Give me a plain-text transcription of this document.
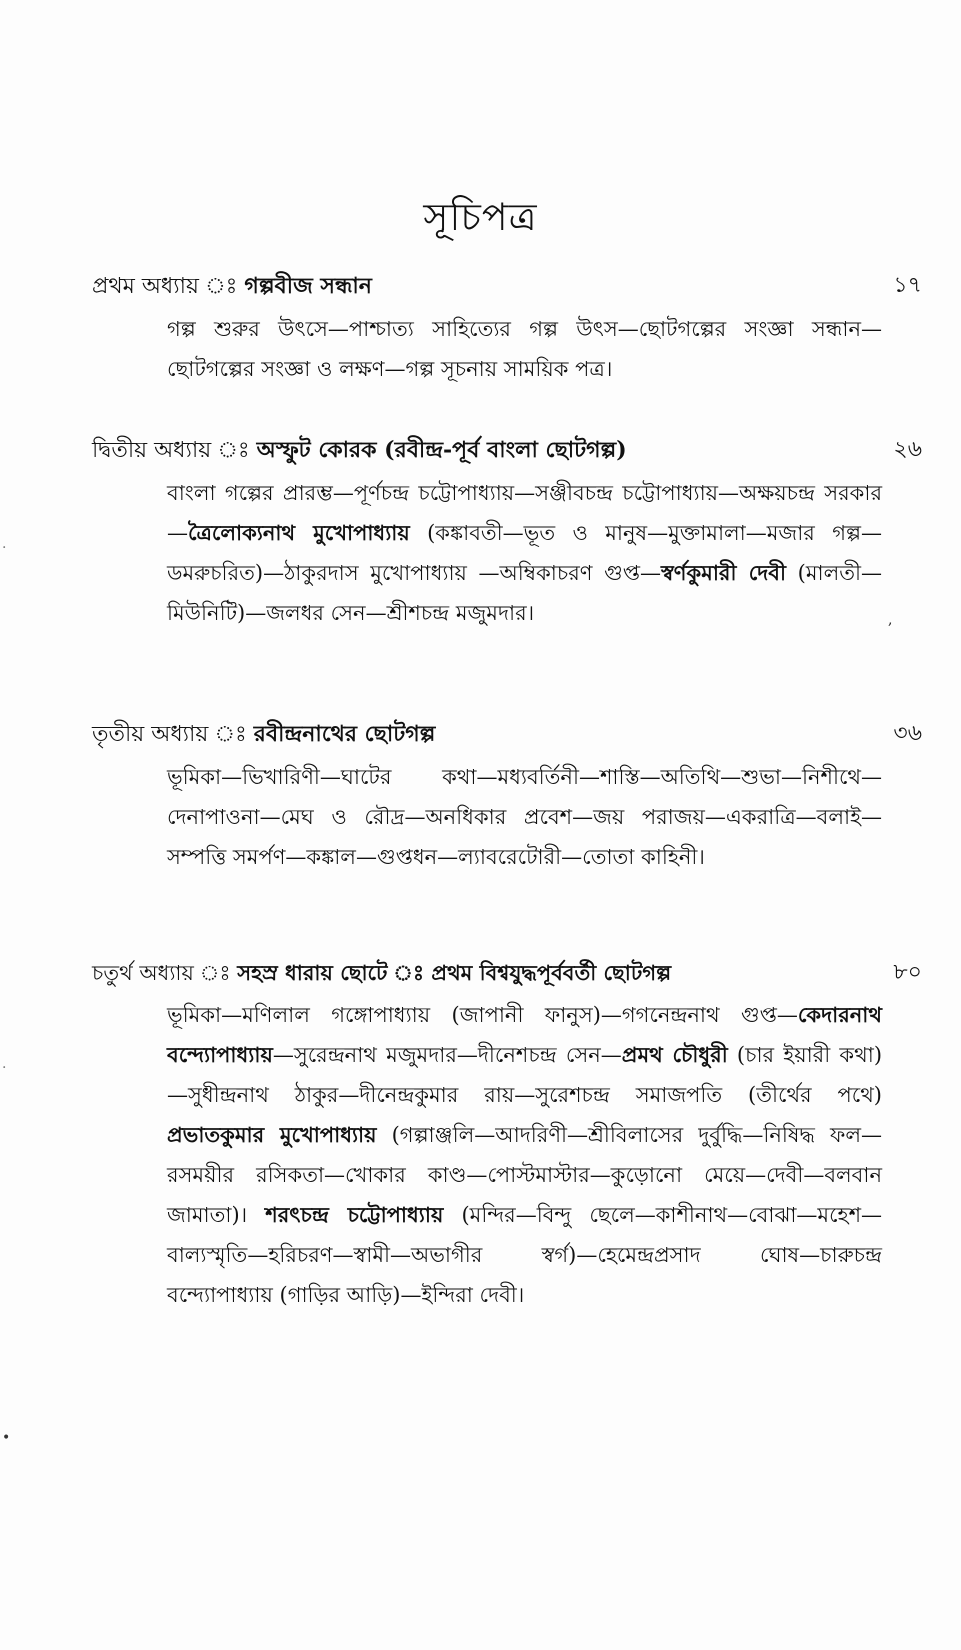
সূচিপত্র
প্রথম অধ্যায় ঃ গল্পবীজ সন্ধান	১৭
গল্প শুরুর উৎসে—পাশ্চাত্য সাহিত্যের গল্প উৎস—ছোটগল্পের সংজ্ঞা সন্ধান—ছোটগল্পের সংজ্ঞা ও লক্ষণ—গল্প সূচনায় সাময়িক পত্র।
দ্বিতীয় অধ্যায় ঃ অস্ফুট কোরক (রবীন্দ্র-পূর্ব বাংলা ছোটগল্প)	২৬
বাংলা গল্পের প্রারম্ভ—পূর্ণচন্দ্র চট্টোপাধ্যায়—সঞ্জীবচন্দ্র চট্টোপাধ্যায়—অক্ষয়চন্দ্র সরকার—ত্রৈলোক্যনাথ মুখোপাধ্যায় (কঙ্কাবতী—ভূত ও মানুষ—মুক্তামালা—মজার গল্প—ডমরুচরিত)—ঠাকুরদাস মুখোপাধ্যায় —অম্বিকাচরণ গুপ্ত—স্বর্ণকুমারী দেবী (মালতী—মিউনিটি)—জলধর সেন—শ্রীশচন্দ্র মজুমদার।
তৃতীয় অধ্যায় ঃ রবীন্দ্রনাথের ছোটগল্প	৩৬
ভূমিকা—ভিখারিণী—ঘাটের কথা—মধ্যবর্তিনী—শাস্তি—অতিথি—শুভা—নিশীথে—দেনাপাওনা—মেঘ ও রৌদ্র—অনধিকার প্রবেশ—জয় পরাজয়—একরাত্রি—বলাই—সম্পত্তি সমর্পণ—কঙ্কাল—গুপ্তধন—ল্যাবরেটোরী—তোতা কাহিনী।
চতুর্থ অধ্যায় ঃ সহস্র ধারায় ছোটে ঃ প্রথম বিশ্বযুদ্ধপূর্ববর্তী ছোটগল্প	৮০
ভূমিকা—মণিলাল গঙ্গোপাধ্যায় (জাপানী ফানুস)—গগনেন্দ্রনাথ গুপ্ত—কেদারনাথ বন্দ্যোপাধ্যায়—সুরেন্দ্রনাথ মজুমদার—দীনেশচন্দ্র সেন—প্রমথ চৌধুরী (চার ইয়ারী কথা)—সুধীন্দ্রনাথ ঠাকুর—দীনেন্দ্রকুমার রায়—সুরেশচন্দ্র সমাজপতি (তীর্থের পথে) প্রভাতকুমার মুখোপাধ্যায় (গল্পাঞ্জলি—আদরিণী—শ্রীবিলাসের দুর্বুদ্ধি—নিষিদ্ধ ফল—রসময়ীর রসিকতা—খোকার কাণ্ড—পোস্টমাস্টার—কুড়োনো মেয়ে—দেবী—বলবান জামাতা)। শরৎচন্দ্র চট্টোপাধ্যায় (মন্দির—বিন্দু ছেলে—কাশীনাথ—বোঝা—মহেশ—বাল্যস্মৃতি—হরিচরণ—স্বামী—অভাগীর স্বর্গ)—হেমেন্দ্রপ্রসাদ ঘোষ—চারুচন্দ্র বন্দ্যোপাধ্যায় (গাড়ির আড়ি)—ইন্দিরা দেবী।
·
·
•
,
